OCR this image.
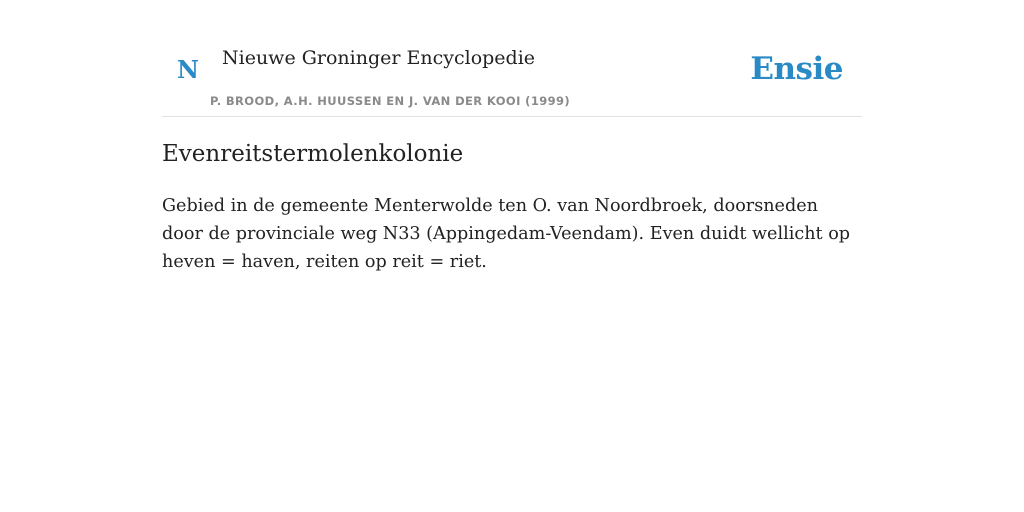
N Nieuwe Groninger Encyclopedie
P. BROOD, A.H. HUUSSEN EN J. VAN DER KOOI (1999)
Ensie
Evenreitstermolenkolonie

Gebied in de gemeente Menterwolde ten O. van Noordbroek, doorsneden door de provinciale weg N33 (Appingedam-Veendam). Even duidt wellicht op heven = haven, reiten op reit = riet.
